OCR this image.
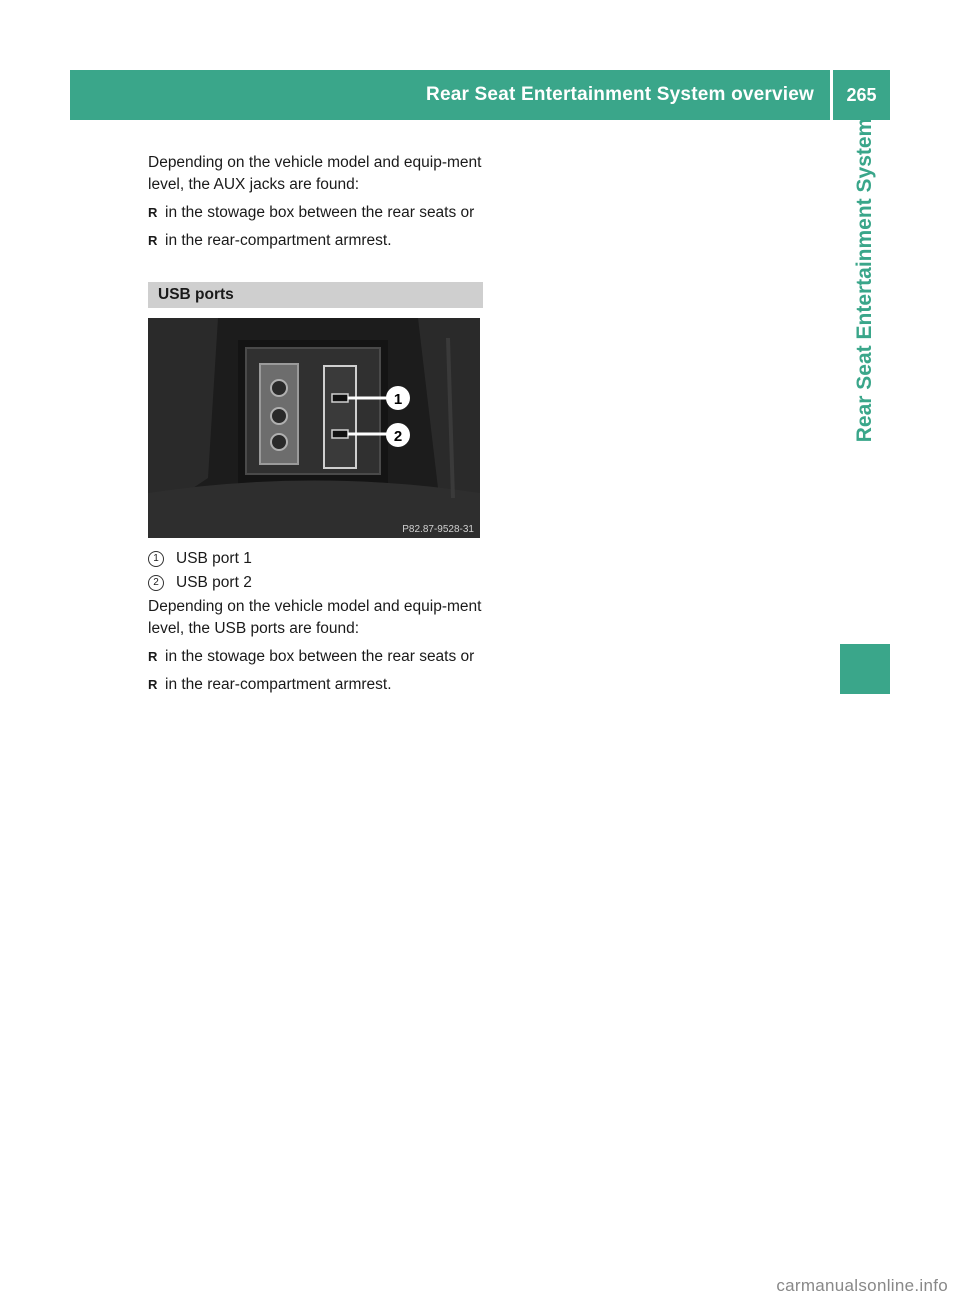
Rear Seat Entertainment System overview	265
Rear Seat Entertainment System

Depending on the vehicle model and equip-ment level, the AUX jacks are found:

R in the stowage box between the rear seats or
R in the rear-compartment armrest.
USB ports
1
2
P82.87-9528-31
1	USB port 1
2	USB port 2

Depending on the vehicle model and equip-ment level, the USB ports are found:

R in the stowage box between the rear seats or
R in the rear-compartment armrest.
carmanualsonline.info
